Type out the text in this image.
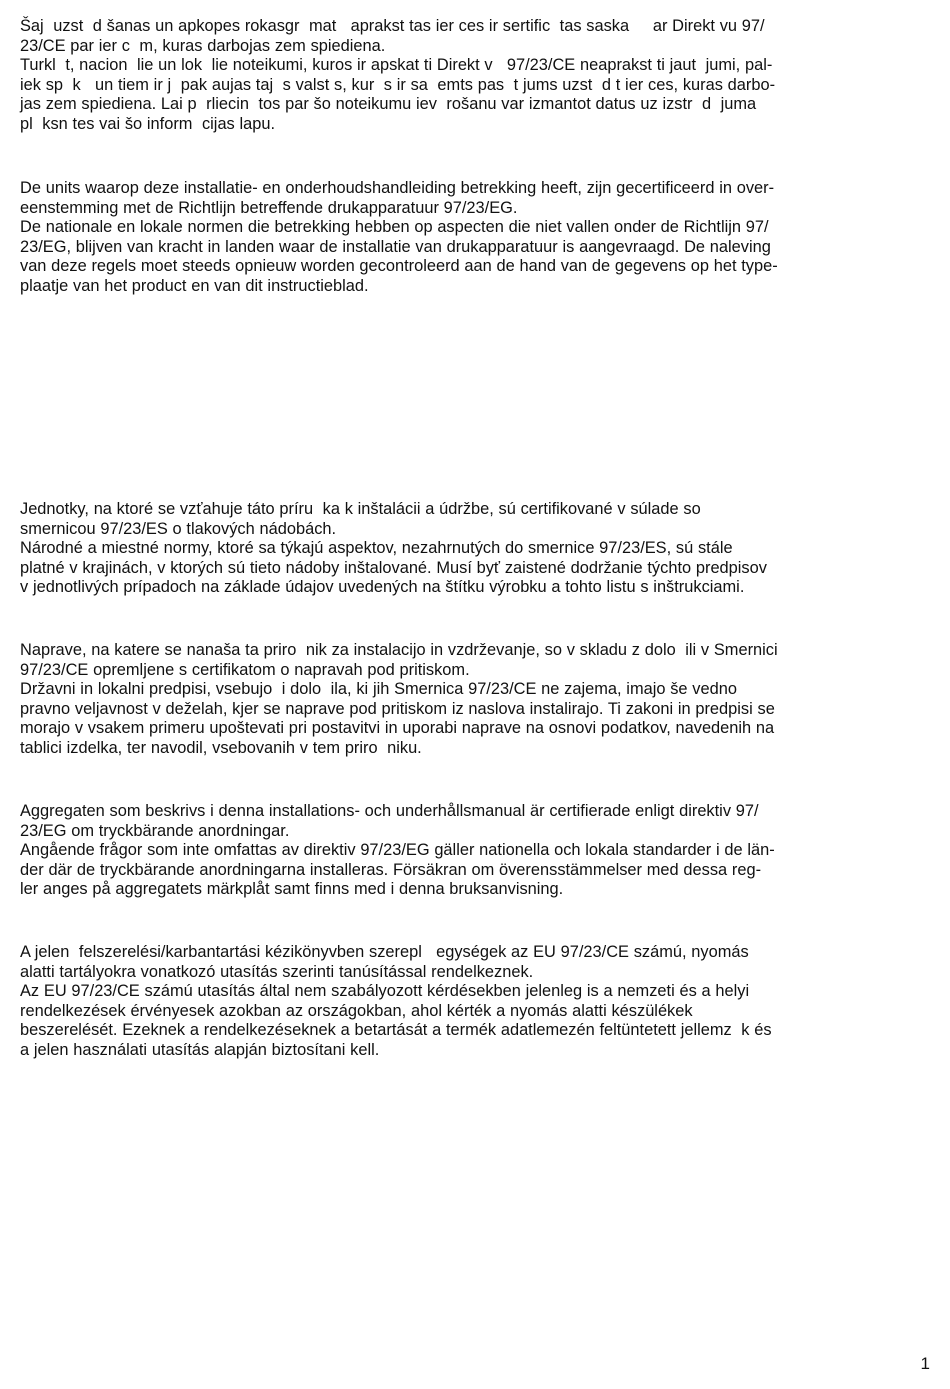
Šaj  uzst  d šanas un apkopes rokasgr  mat   aprakst tas ier ces ir sertific  tas saska     ar Direkt vu 97/
23/CE par ier c  m, kuras darbojas zem spiediena.

Turkl  t, nacion  lie un lok  lie noteikumi, kuros ir apskat ti Direkt v   97/23/CE neaprakst ti jaut  jumi, pal-
iek sp  k   un tiem ir j  pak aujas taj  s valst s, kur  s ir sa  emts pas  t jums uzst  d t ier ces, kuras darbo-
jas zem spiediena. Lai p  rliecin  tos par šo noteikumu iev  rošanu var izmantot datus uz izstr  d  juma
pl  ksn tes vai šo inform  cijas lapu.

De units waarop deze installatie- en onderhoudshandleiding betrekking heeft, zijn gecertificeerd in over-
eenstemming met de Richtlijn betreffende drukapparatuur 97/23/EG.

De nationale en lokale normen die betrekking hebben op aspecten die niet vallen onder de Richtlijn 97/
23/EG, blijven van kracht in landen waar de installatie van drukapparatuur is aangevraagd. De naleving
van deze regels moet steeds opnieuw worden gecontroleerd aan de hand van de gegevens op het type-
plaatje van het product en van dit instructieblad.

Jednotky, na ktoré se vzťahuje táto príru  ka k inštalácii a údržbe, sú certifikované v súlade so
smernicou 97/23/ES o tlakových nádobách.

Národné a miestné normy, ktoré sa týkajú aspektov, nezahrnutých do smernice 97/23/ES, sú stále
platné v krajinách, v ktorých sú tieto nádoby inštalované. Musí byť zaistené dodržanie týchto predpisov
v jednotlivých prípadoch na základe údajov uvedených na štítku výrobku a tohto listu s inštrukciami.

Naprave, na katere se nanaša ta priro  nik za instalacijo in vzdrževanje, so v skladu z dolo  ili v Smernici
97/23/CE opremljene s certifikatom o napravah pod pritiskom.

Državni in lokalni predpisi, vsebujo  i dolo  ila, ki jih Smernica 97/23/CE ne zajema, imajo še vedno
pravno veljavnost v deželah, kjer se naprave pod pritiskom iz naslova instalirajo. Ti zakoni in predpisi se
morajo v vsakem primeru upoštevati pri postavitvi in uporabi naprave na osnovi podatkov, navedenih na
tablici izdelka, ter navodil, vsebovanih v tem priro  niku.

Aggregaten som beskrivs i denna installations- och underhållsmanual är certifierade enligt direktiv 97/
23/EG om tryckbärande anordningar.

Angående frågor som inte omfattas av direktiv 97/23/EG gäller nationella och lokala standarder i de län-
der där de tryckbärande anordningarna installeras. Försäkran om överensstämmelser med dessa reg-
ler anges på aggregatets märkplåt samt finns med i denna bruksanvisning.

A jelen  felszerelési/karbantartási kézikönyvben szerepl   egységek az EU 97/23/CE számú, nyomás
alatti tartályokra vonatkozó utasítás szerinti tanúsítással rendelkeznek.

Az EU 97/23/CE számú utasítás által nem szabályozott kérdésekben jelenleg is a nemzeti és a helyi
rendelkezések érvényesek azokban az országokban, ahol kérték a nyomás alatti készülékek
beszerelését. Ezeknek a rendelkezéseknek a betartását a termék adatlemezén feltüntetett jellemz  k és
a jelen használati utasítás alapján biztosítani kell.

1
